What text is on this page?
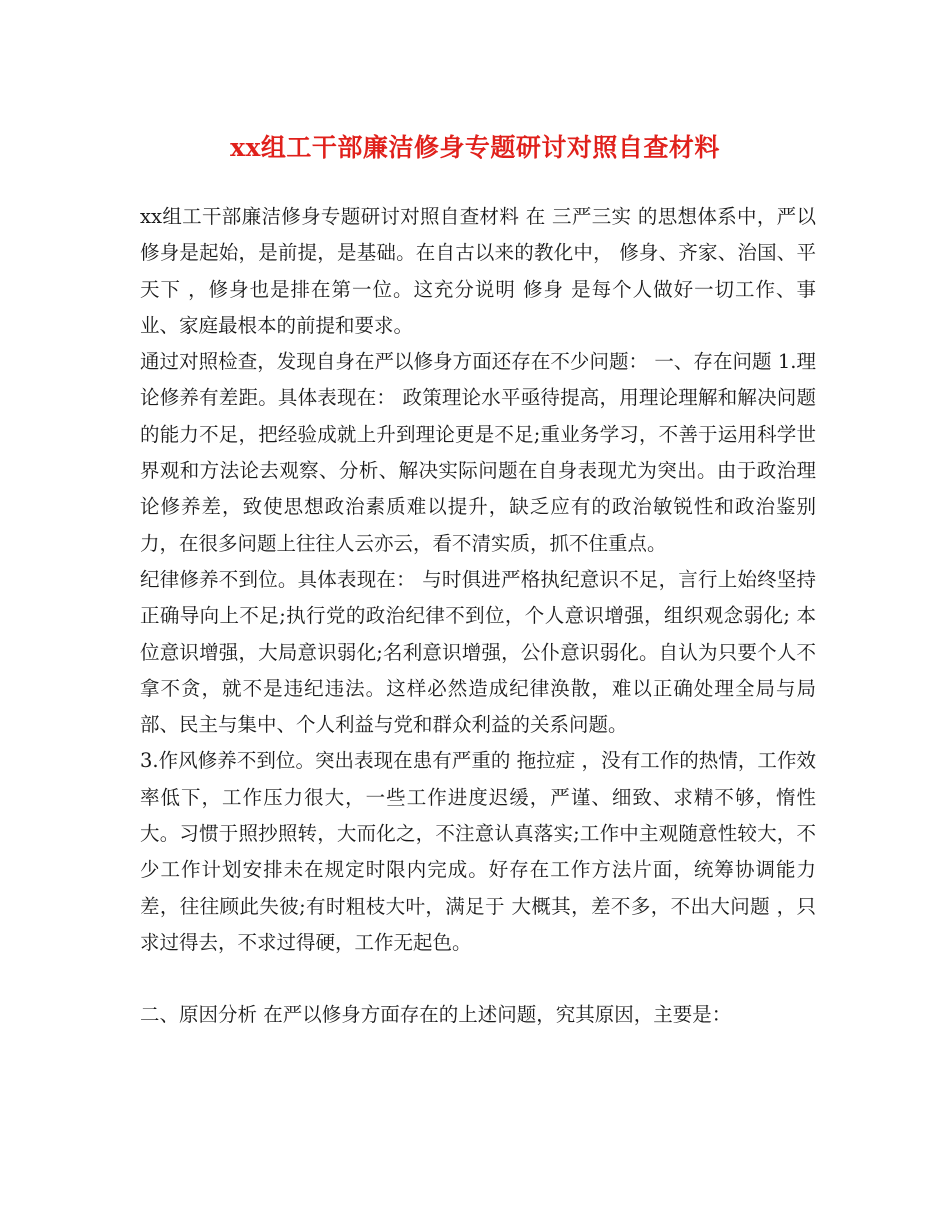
xx组工干部廉洁修身专题研讨对照自查材料

xx组工干部廉洁修身专题研讨对照自查材料 在 三严三实 的思想体系中，严以修身是起始，是前提，是基础。在自古以来的教化中， 修身、齐家、治国、平天下 ，修身也是排在第一位。这充分说明 修身 是每个人做好一切工作、事业、家庭最根本的前提和要求。

通过对照检查，发现自身在严以修身方面还存在不少问题： 一、存在问题 1.理论修养有差距。具体表现在： 政策理论水平亟待提高，用理论理解和解决问题的能力不足，把经验成就上升到理论更是不足;重业务学习，不善于运用科学世界观和方法论去观察、分析、解决实际问题在自身表现尤为突出。由于政治理论修养差，致使思想政治素质难以提升，缺乏应有的政治敏锐性和政治鉴别力，在很多问题上往往人云亦云，看不清实质，抓不住重点。

纪律修养不到位。具体表现在： 与时俱进严格执纪意识不足，言行上始终坚持正确导向上不足;执行党的政治纪律不到位，个人意识增强，组织观念弱化; 本位意识增强，大局意识弱化;名利意识增强，公仆意识弱化。自认为只要个人不拿不贪，就不是违纪违法。这样必然造成纪律涣散，难以正确处理全局与局部、民主与集中、个人利益与党和群众利益的关系问题。

3.作风修养不到位。突出表现在患有严重的 拖拉症 ，没有工作的热情，工作效率低下，工作压力很大，一些工作进度迟缓，严谨、细致、求精不够，惰性大。习惯于照抄照转，大而化之，不注意认真落实;工作中主观随意性较大，不少工作计划安排未在规定时限内完成。好存在工作方法片面，统筹协调能力差，往往顾此失彼;有时粗枝大叶，满足于 大概其，差不多，不出大问题 ，只求过得去，不求过得硬，工作无起色。

二、原因分析 在严以修身方面存在的上述问题，究其原因，主要是：
